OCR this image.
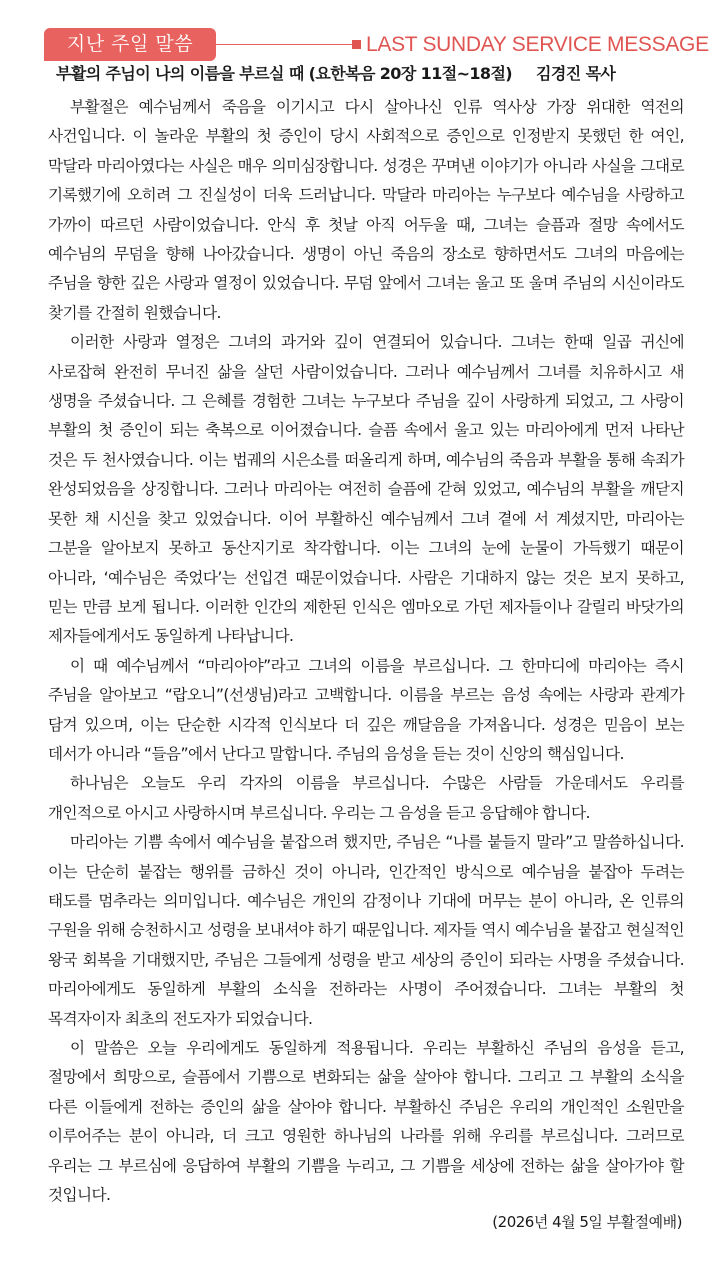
지난 주일 말씀	LAST SUNDAY SERVICE MESSAGE
부활의 주님이 나의 이름을 부르실 때 (요한복음 20장 11절~18절) 김경진 목사

부활절은 예수님께서 죽음을 이기시고 다시 살아나신 인류 역사상 가장 위대한 역전의 사건입니다. 이 놀라운 부활의 첫 증인이 당시 사회적으로 증인으로 인정받지 못했던 한 여인, 막달라 마리아였다는 사실은 매우 의미심장합니다. 성경은 꾸며낸 이야기가 아니라 사실을 그대로 기록했기에 오히려 그 진실성이 더욱 드러납니다. 막달라 마리아는 누구보다 예수님을 사랑하고 가까이 따르던 사람이었습니다. 안식 후 첫날 아직 어두울 때, 그녀는 슬픔과 절망 속에서도 예수님의 무덤을 향해 나아갔습니다. 생명이 아닌 죽음의 장소로 향하면서도 그녀의 마음에는 주님을 향한 깊은 사랑과 열정이 있었습니다. 무덤 앞에서 그녀는 울고 또 울며 주님의 시신이라도 찾기를 간절히 원했습니다.

이러한 사랑과 열정은 그녀의 과거와 깊이 연결되어 있습니다. 그녀는 한때 일곱 귀신에 사로잡혀 완전히 무너진 삶을 살던 사람이었습니다. 그러나 예수님께서 그녀를 치유하시고 새 생명을 주셨습니다. 그 은혜를 경험한 그녀는 누구보다 주님을 깊이 사랑하게 되었고, 그 사랑이 부활의 첫 증인이 되는 축복으로 이어졌습니다. 슬픔 속에서 울고 있는 마리아에게 먼저 나타난 것은 두 천사였습니다. 이는 법궤의 시은소를 떠올리게 하며, 예수님의 죽음과 부활을 통해 속죄가 완성되었음을 상징합니다. 그러나 마리아는 여전히 슬픔에 갇혀 있었고, 예수님의 부활을 깨닫지 못한 채 시신을 찾고 있었습니다. 이어 부활하신 예수님께서 그녀 곁에 서 계셨지만, 마리아는 그분을 알아보지 못하고 동산지기로 착각합니다. 이는 그녀의 눈에 눈물이 가득했기 때문이 아니라, ‘예수님은 죽었다’는 선입견 때문이었습니다. 사람은 기대하지 않는 것은 보지 못하고, 믿는 만큼 보게 됩니다. 이러한 인간의 제한된 인식은 엠마오로 가던 제자들이나 갈릴리 바닷가의 제자들에게서도 동일하게 나타납니다.

이 때 예수님께서 “마리아야”라고 그녀의 이름을 부르십니다. 그 한마디에 마리아는 즉시 주님을 알아보고 “랍오니”(선생님)라고 고백합니다. 이름을 부르는 음성 속에는 사랑과 관계가 담겨 있으며, 이는 단순한 시각적 인식보다 더 깊은 깨달음을 가져옵니다. 성경은 믿음이 보는 데서가 아니라 “들음”에서 난다고 말합니다. 주님의 음성을 듣는 것이 신앙의 핵심입니다.

하나님은 오늘도 우리 각자의 이름을 부르십니다. 수많은 사람들 가운데서도 우리를 개인적으로 아시고 사랑하시며 부르십니다. 우리는 그 음성을 듣고 응답해야 합니다.

마리아는 기쁨 속에서 예수님을 붙잡으려 했지만, 주님은 “나를 붙들지 말라”고 말씀하십니다. 이는 단순히 붙잡는 행위를 금하신 것이 아니라, 인간적인 방식으로 예수님을 붙잡아 두려는 태도를 멈추라는 의미입니다. 예수님은 개인의 감정이나 기대에 머무는 분이 아니라, 온 인류의 구원을 위해 승천하시고 성령을 보내셔야 하기 때문입니다. 제자들 역시 예수님을 붙잡고 현실적인 왕국 회복을 기대했지만, 주님은 그들에게 성령을 받고 세상의 증인이 되라는 사명을 주셨습니다. 마리아에게도 동일하게 부활의 소식을 전하라는 사명이 주어졌습니다. 그녀는 부활의 첫 목격자이자 최초의 전도자가 되었습니다.

이 말씀은 오늘 우리에게도 동일하게 적용됩니다. 우리는 부활하신 주님의 음성을 듣고, 절망에서 희망으로, 슬픔에서 기쁨으로 변화되는 삶을 살아야 합니다. 그리고 그 부활의 소식을 다른 이들에게 전하는 증인의 삶을 살아야 합니다. 부활하신 주님은 우리의 개인적인 소원만을 이루어주는 분이 아니라, 더 크고 영원한 하나님의 나라를 위해 우리를 부르십니다. 그러므로 우리는 그 부르심에 응답하여 부활의 기쁨을 누리고, 그 기쁨을 세상에 전하는 삶을 살아가야 할 것입니다.

(2026년 4월 5일 부활절예배)
